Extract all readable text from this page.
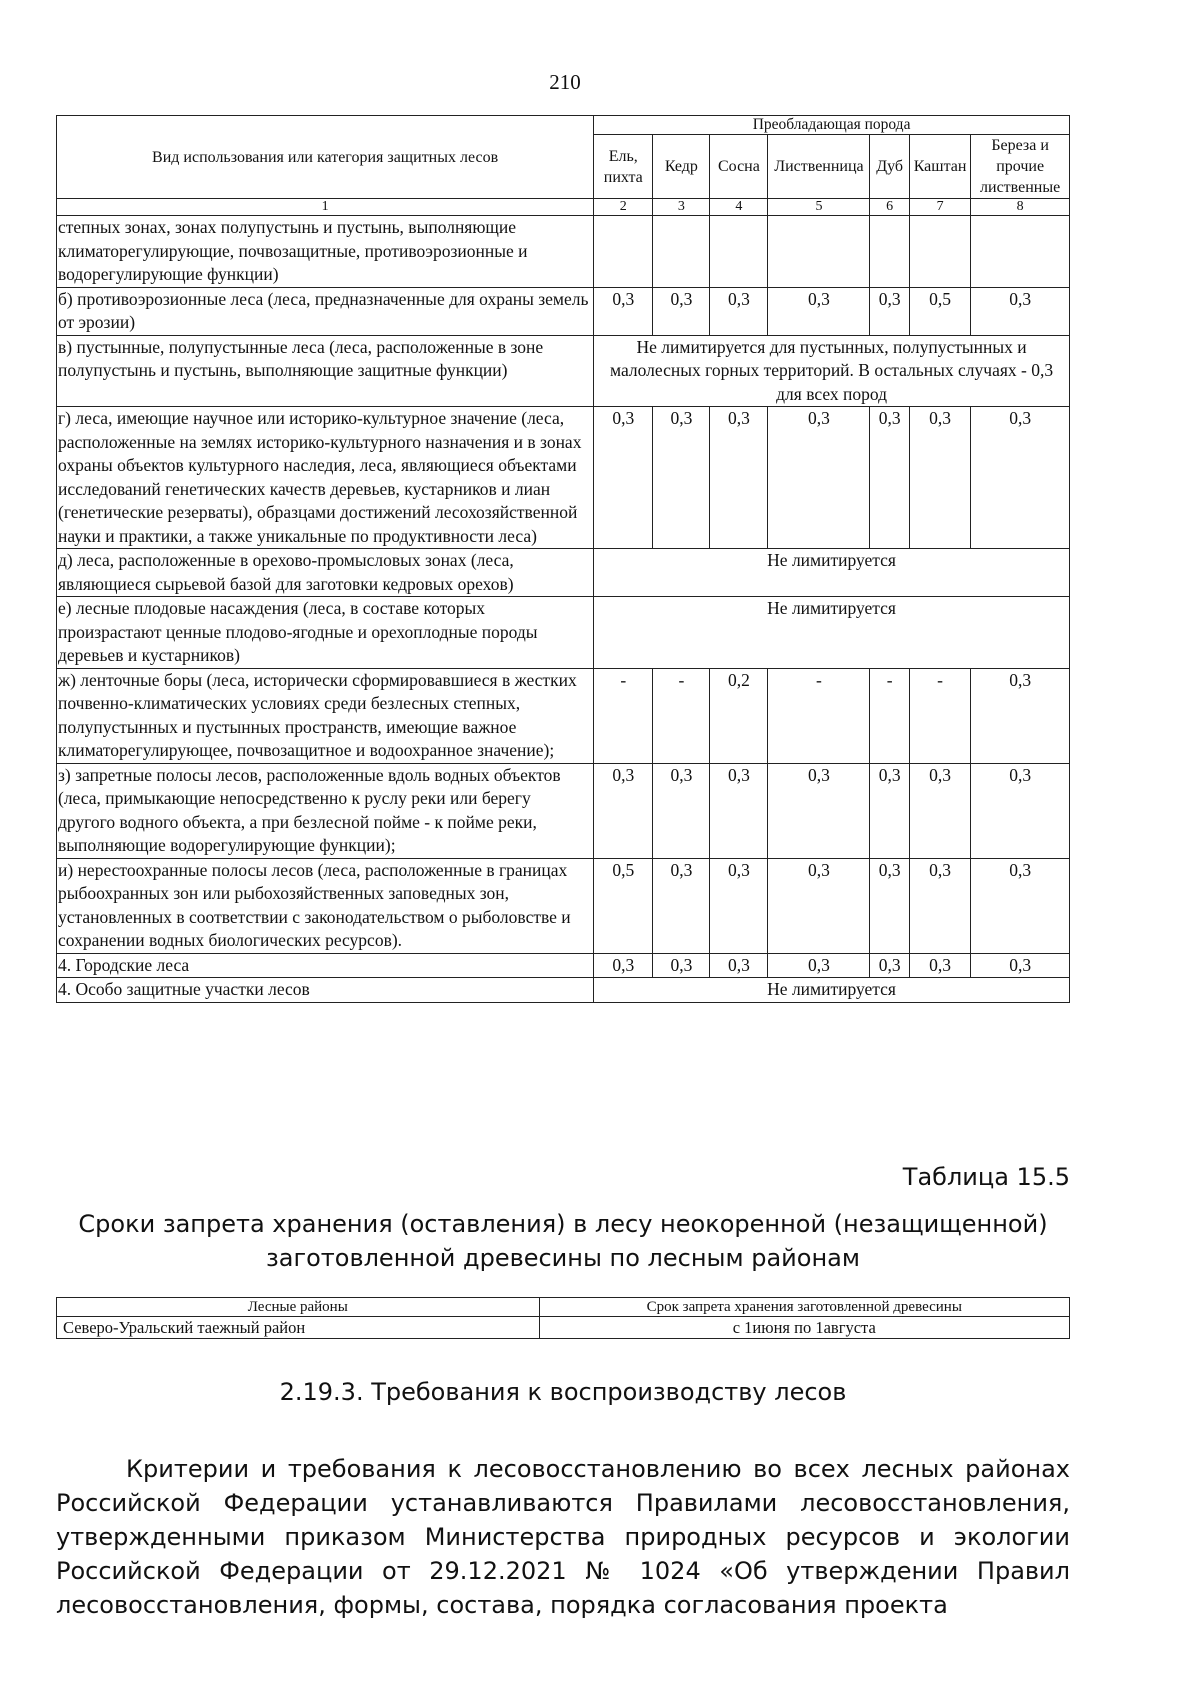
210
Вид использования или категория защитных лесов	Преобладающая порода						
	Ель, пихта	Кедр	Сосна	Лиственница	Дуб	Каштан	Береза и прочие лиственные
1	2	3	4	5	6	7	8
степных зонах, зонах полупустынь и пустынь, выполняющие климаторегулирующие, почвозащитные, противоэрозионные и водорегулирующие функции)							
б) противоэрозионные леса (леса, предназначенные для охраны земель от эрозии)	0,3	0,3	0,3	0,3	0,3	0,5	0,3
в) пустынные, полупустынные леса (леса, расположенные в зоне полупустынь и пустынь, выполняющие защитные функции)	Не лимитируется для пустынных, полупустынных и малолесных горных территорий. В остальных случаях - 0,3 для всех пород						
г) леса, имеющие научное или историко-культурное значение (леса, расположенные на землях историко-культурного назначения и в зонах охраны объектов культурного наследия, леса, являющиеся объектами исследований генетических качеств деревьев, кустарников и лиан (генетические резерваты), образцами достижений лесохозяйственной науки и практики, а также уникальные по продуктивности леса)	0,3	0,3	0,3	0,3	0,3	0,3	0,3
д) леса, расположенные в орехово-промысловых зонах (леса, являющиеся сырьевой базой для заготовки кедровых орехов)	Не лимитируется						
е) лесные плодовые насаждения (леса, в составе которых произрастают ценные плодово-ягодные и орехоплодные породы деревьев и кустарников)	Не лимитируется						
ж) ленточные боры (леса, исторически сформировавшиеся в жестких почвенно-климатических условиях среди безлесных степных, полупустынных и пустынных пространств, имеющие важное климаторегулирующее, почвозащитное и водоохранное значение);	-	-	0,2	-	-	-	0,3
з) запретные полосы лесов, расположенные вдоль водных объектов (леса, примыкающие непосредственно к руслу реки или берегу другого водного объекта, а при безлесной пойме - к пойме реки, выполняющие водорегулирующие функции);	0,3	0,3	0,3	0,3	0,3	0,3	0,3
и) нерестоохранные полосы лесов (леса, расположенные в границах рыбоохранных зон или рыбохозяйственных заповедных зон, установленных в соответствии с законодательством о рыболовстве и сохранении водных биологических ресурсов).	0,5	0,3	0,3	0,3	0,3	0,3	0,3
4. Городские леса	0,3	0,3	0,3	0,3	0,3	0,3	0,3
4. Особо защитные участки лесов	Не лимитируется						
Таблица 15.5
Сроки запрета хранения (оставления) в лесу неокоренной (незащищенной) заготовленной древесины по лесным районам
Лесные районы	Срок запрета хранения заготовленной древесины
Северо-Уральский таежный район	с 1июня по 1августа
2.19.3. Требования к воспроизводству лесов

Критерии и требования к лесовосстановлению во всех лесных районах Российской Федерации устанавливаются Правилами лесовосстановления, утвержденными приказом Министерства природных ресурсов и экологии Российской Федерации от 29.12.2021 № 1024 «Об утверждении Правил лесовосстановления, формы, состава, порядка согласования проекта
